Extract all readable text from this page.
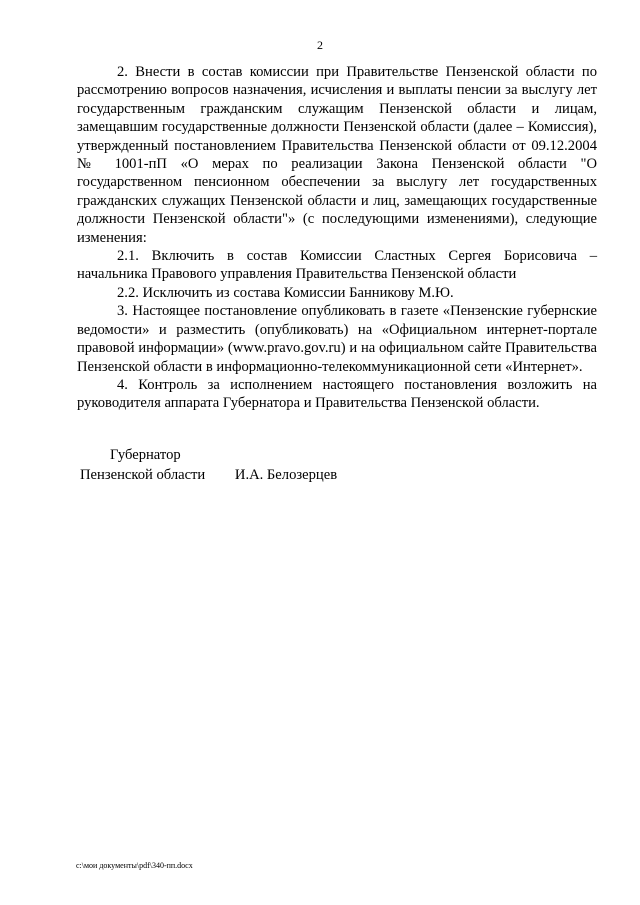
2

2. Внести в состав комиссии при Правительстве Пензенской области по рассмотрению вопросов назначения, исчисления и выплаты пенсии за выслугу лет государственным гражданским служащим Пензенской области и лицам, замещавшим государственные должности Пензенской области (далее – Комиссия), утвержденный постановлением Правительства Пензенской области от 09.12.2004 № 1001-пП «О мерах по реализации Закона Пензенской области "О государственном пенсионном обеспечении за выслугу лет государственных гражданских служащих Пензенской области и лиц, замещающих государственные должности Пензенской области"» (с последующими изменениями), следующие изменения:

2.1. Включить в состав Комиссии Сластных Сергея Борисовича – начальника Правового управления Правительства Пензенской области

2.2. Исключить из состава Комиссии Банникову М.Ю.

3. Настоящее постановление опубликовать в газете «Пензенские губернские ведомости» и разместить (опубликовать) на «Официальном интернет-портале правовой информации» (www.pravo.gov.ru) и на официальном сайте Правительства Пензенской области в информационно-телекоммуникационной сети «Интернет».

4. Контроль за исполнением настоящего постановления возложить на руководителя аппарата Губернатора и Правительства Пензенской области.

Губернатор
Пензенской области И.А. Белозерцев
c:\мои документы\pdf\340-пп.docx
